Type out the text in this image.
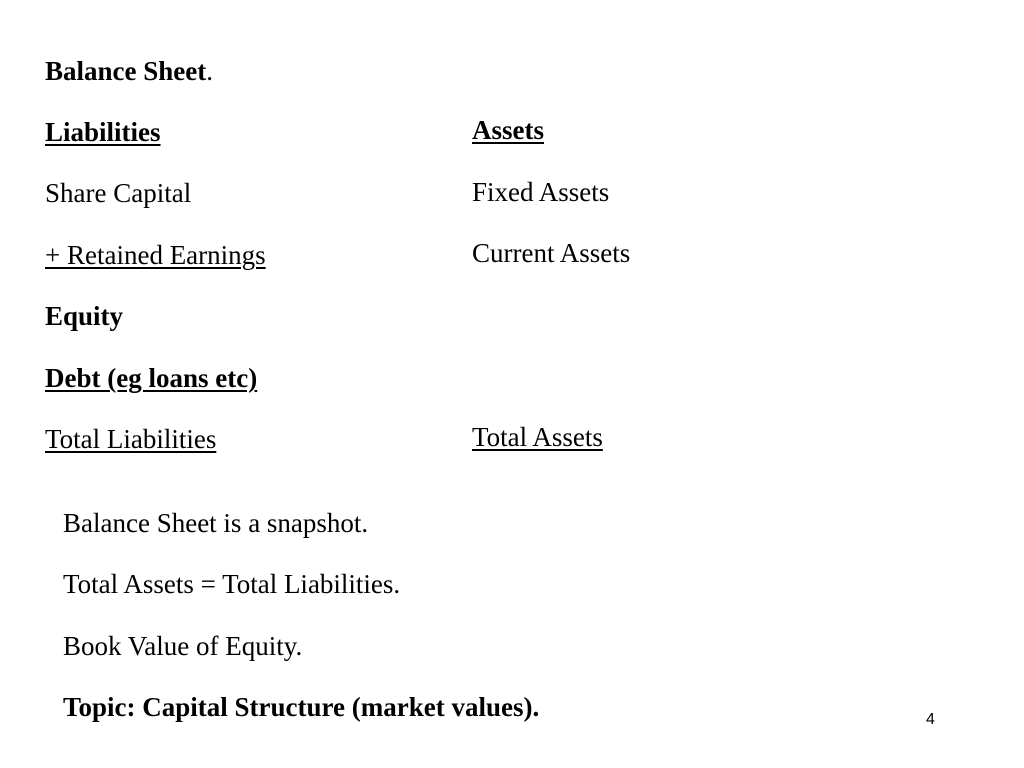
Balance Sheet.
Liabilities
Share Capital
+ Retained Earnings
Equity
Debt (eg loans etc)
Total Liabilities
Assets
Fixed Assets
Current Assets
Total Assets
Balance Sheet is a snapshot.
Total Assets = Total Liabilities.
Book Value of Equity.
Topic: Capital Structure (market values).	4
